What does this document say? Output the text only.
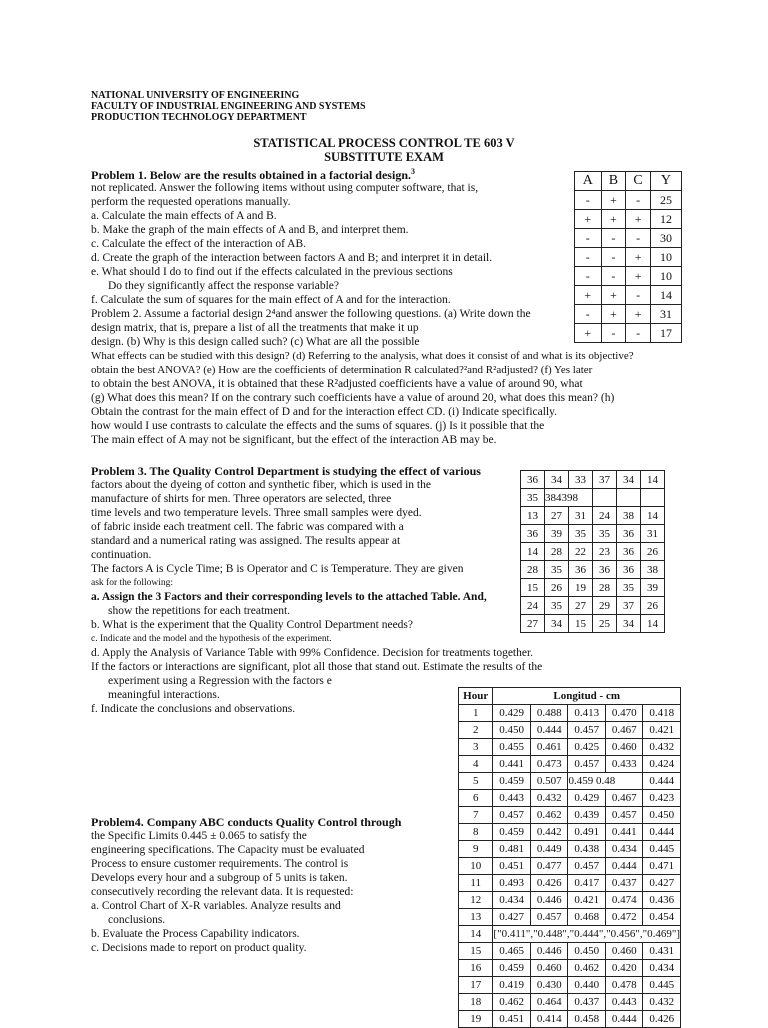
NATIONAL UNIVERSITY OF ENGINEERING
FACULTY OF INDUSTRIAL ENGINEERING AND SYSTEMS
PRODUCTION TECHNOLOGY DEPARTMENT
STATISTICAL PROCESS CONTROL TE 603 V
SUBSTITUTE EXAM
Problem 1. Below are the results obtained in a factorial design.$^3$
not replicated. Answer the following items without using computer software, that is,
perform the requested operations manually.
a. Calculate the main effects of A and B.
b. Make the graph of the main effects of A and B, and interpret them.
c. Calculate the effect of the interaction of AB.
d. Create the graph of the interaction between factors A and B; and interpret it in detail.
e. What should I do to find out if the effects calculated in the previous sections
Do they significantly affect the response variable?
f. Calculate the sum of squares for the main effect of A and for the interaction.
A	B	C	Y
-	+	-	25
+	+	+	12
-	-	-	30
-	-	+	10
-	-	+	10
+	+	-	14
-	+	+	31
+	-	-	17
Problem 2. Assume a factorial design 2⁴and answer the following questions. (a) Write down the
design matrix, that is, prepare a list of all the treatments that make it up
design. (b) Why is this design called such? (c) What are all the possible
What effects can be studied with this design? (d) Referring to the analysis, what does it consist of and what is its objective?
obtain the best ANOVA? (e) How are the coefficients of determination R calculated?²and R²adjusted? (f) Yes later
to obtain the best ANOVA, it is obtained that these R²adjusted coefficients have a value of around 90, what
(g) What does this mean? If on the contrary such coefficients have a value of around 20, what does this mean? (h)
Obtain the contrast for the main effect of D and for the interaction effect CD. (i) Indicate specifically.
how would I use contrasts to calculate the effects and the sums of squares. (j) Is it possible that the
The main effect of A may not be significant, but the effect of the interaction AB may be.
Problem 3. The Quality Control Department is studying the effect of various
factors about the dyeing of cotton and synthetic fiber, which is used in the
manufacture of shirts for men. Three operators are selected, three
time levels and two temperature levels. Three small samples were dyed.
of fabric inside each treatment cell. The fabric was compared with a
standard and a numerical rating was assigned. The results appear at
continuation.
The factors A is Cycle Time; B is Operator and C is Temperature. They are given
ask for the following:
a. Assign the 3 Factors and their corresponding levels to the attached Table. And,
show the repetitions for each treatment.
b. What is the experiment that the Quality Control Department needs?
c. Indicate and the model and the hypothesis of the experiment.
d. Apply the Analysis of Variance Table with 99% Confidence. Decision for treatments together.
If the factors or interactions are significant, plot all those that stand out. Estimate the results of the
experiment using a Regression with the factors e
meaningful interactions.
f. Indicate the conclusions and observations.
36	34	33	37	34	14
35	384398				
13	27	31	24	38	14
36	39	35	35	36	31
14	28	22	23	36	26
28	35	36	36	36	38
15	26	19	28	35	39
24	35	27	29	37	26
27	34	15	25	34	14
Problem4. Company ABC conducts Quality Control through
the Specific Limits 0.445 ± 0.065 to satisfy the
engineering specifications. The Capacity must be evaluated
Process to ensure customer requirements. The control is
Develops every hour and a subgroup of 5 units is taken.
consecutively recording the relevant data. It is requested:
a. Control Chart of X-R variables. Analyze results and
conclusions.
b. Evaluate the Process Capability indicators.
c. Decisions made to report on product quality.
Hour	Longitud - cm				
1	0.429	0.488	0.413	0.470	0.418
2	0.450	0.444	0.457	0.467	0.421
3	0.455	0.461	0.425	0.460	0.432
4	0.441	0.473	0.457	0.433	0.424
5	0.459	0.507	0.459 0.48		0.444
6	0.443	0.432	0.429	0.467	0.423
7	0.457	0.462	0.439	0.457	0.450
8	0.459	0.442	0.491	0.441	0.444
9	0.481	0.449	0.438	0.434	0.445
10	0.451	0.477	0.457	0.444	0.471
11	0.493	0.426	0.417	0.437	0.427
12	0.434	0.446	0.421	0.474	0.436
13	0.427	0.457	0.468	0.472	0.454
14	["0.411","0.448","0.444","0.456","0.469"]				
15	0.465	0.446	0.450	0.460	0.431
16	0.459	0.460	0.462	0.420	0.434
17	0.419	0.430	0.440	0.478	0.445
18	0.462	0.464	0.437	0.443	0.432
19	0.451	0.414	0.458	0.444	0.426
